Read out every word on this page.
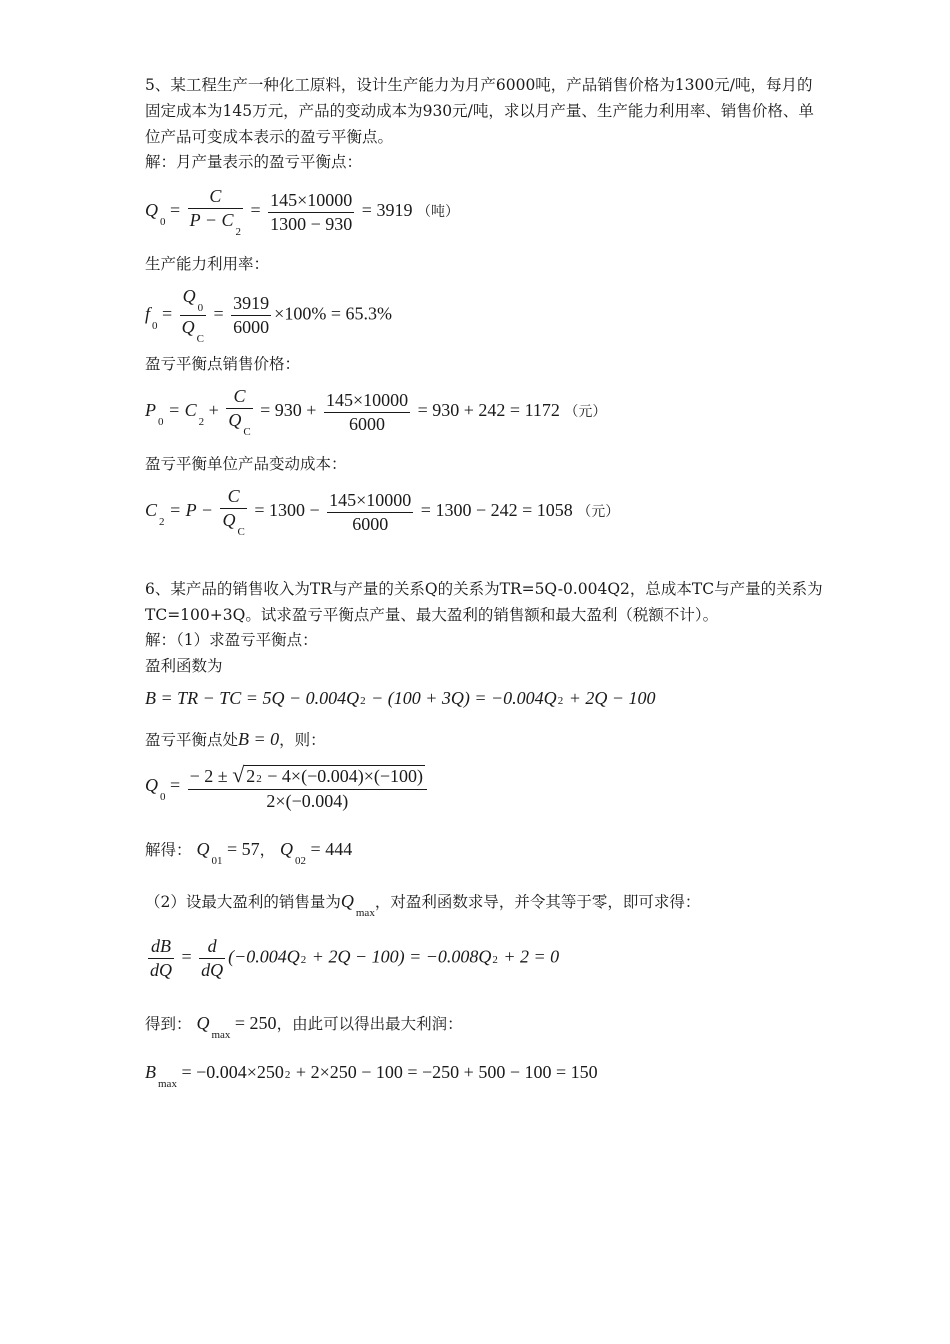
5、某工程生产一种化工原料，设计生产能力为月产6000吨，产品销售价格为1300元/吨，每月的固定成本为145万元，产品的变动成本为930元/吨，求以月产量、生产能力利用率、销售价格、单位产品可变成本表示的盈亏平衡点。
解：月产量表示的盈亏平衡点：
$Q_0 = \frac{C}{P - C_2} = \frac{145\times 10000}{1300 - 930} = 3919$ （吨）
生产能力利用率：
$f_0 = \frac{Q_0}{Q_C} = \frac{3919}{6000} \times 100\% = 65.3\%$
盈亏平衡点销售价格：
$P_0 = C_2 + \frac{C}{Q_C} = 930 + \frac{145\times 10000}{6000} = 930 + 242 = 1172$ （元）
盈亏平衡单位产品变动成本：
$C_2 = P - \frac{C}{Q_C} = 1300 - \frac{145\times 10000}{6000} = 1300 - 242 = 1058$ （元）
6、某产品的销售收入为TR与产量的关系Q的关系为TR=5Q-0.004Q2，总成本TC与产量的关系为TC=100+3Q。试求盈亏平衡点产量、最大盈利的销售额和最大盈利（税额不计）。
解：（1）求盈亏平衡点：
盈利函数为
B = TR − TC = 5Q − 0.004Q2 − (100 + 3Q) = −0.004Q2 + 2Q − 100
盈亏平衡点处B = 0，则：
$Q_0 = \frac{- 2 \pm √ 22 - 4\times(-0.004)\times(-100)}{2\times(-0.004)}$
解得： $Q_{01} = 57$， $Q_{02} = 444$
（2）设最大盈利的销售量为$Q_{max}$，对盈利函数求导，并令其等于零，即可求得：
$\frac{dB}{dQ} = \frac{d}{dQ} (-0.004Q2 + 2Q - 100) = -0.008Q2 + 2 = 0$
得到： $Q_{max} = 250$，由此可以得出最大利润：
$B_{max} = -0.004\times 2502 + 2\times 250 - 100 = -250 + 500 - 100 = 150$
